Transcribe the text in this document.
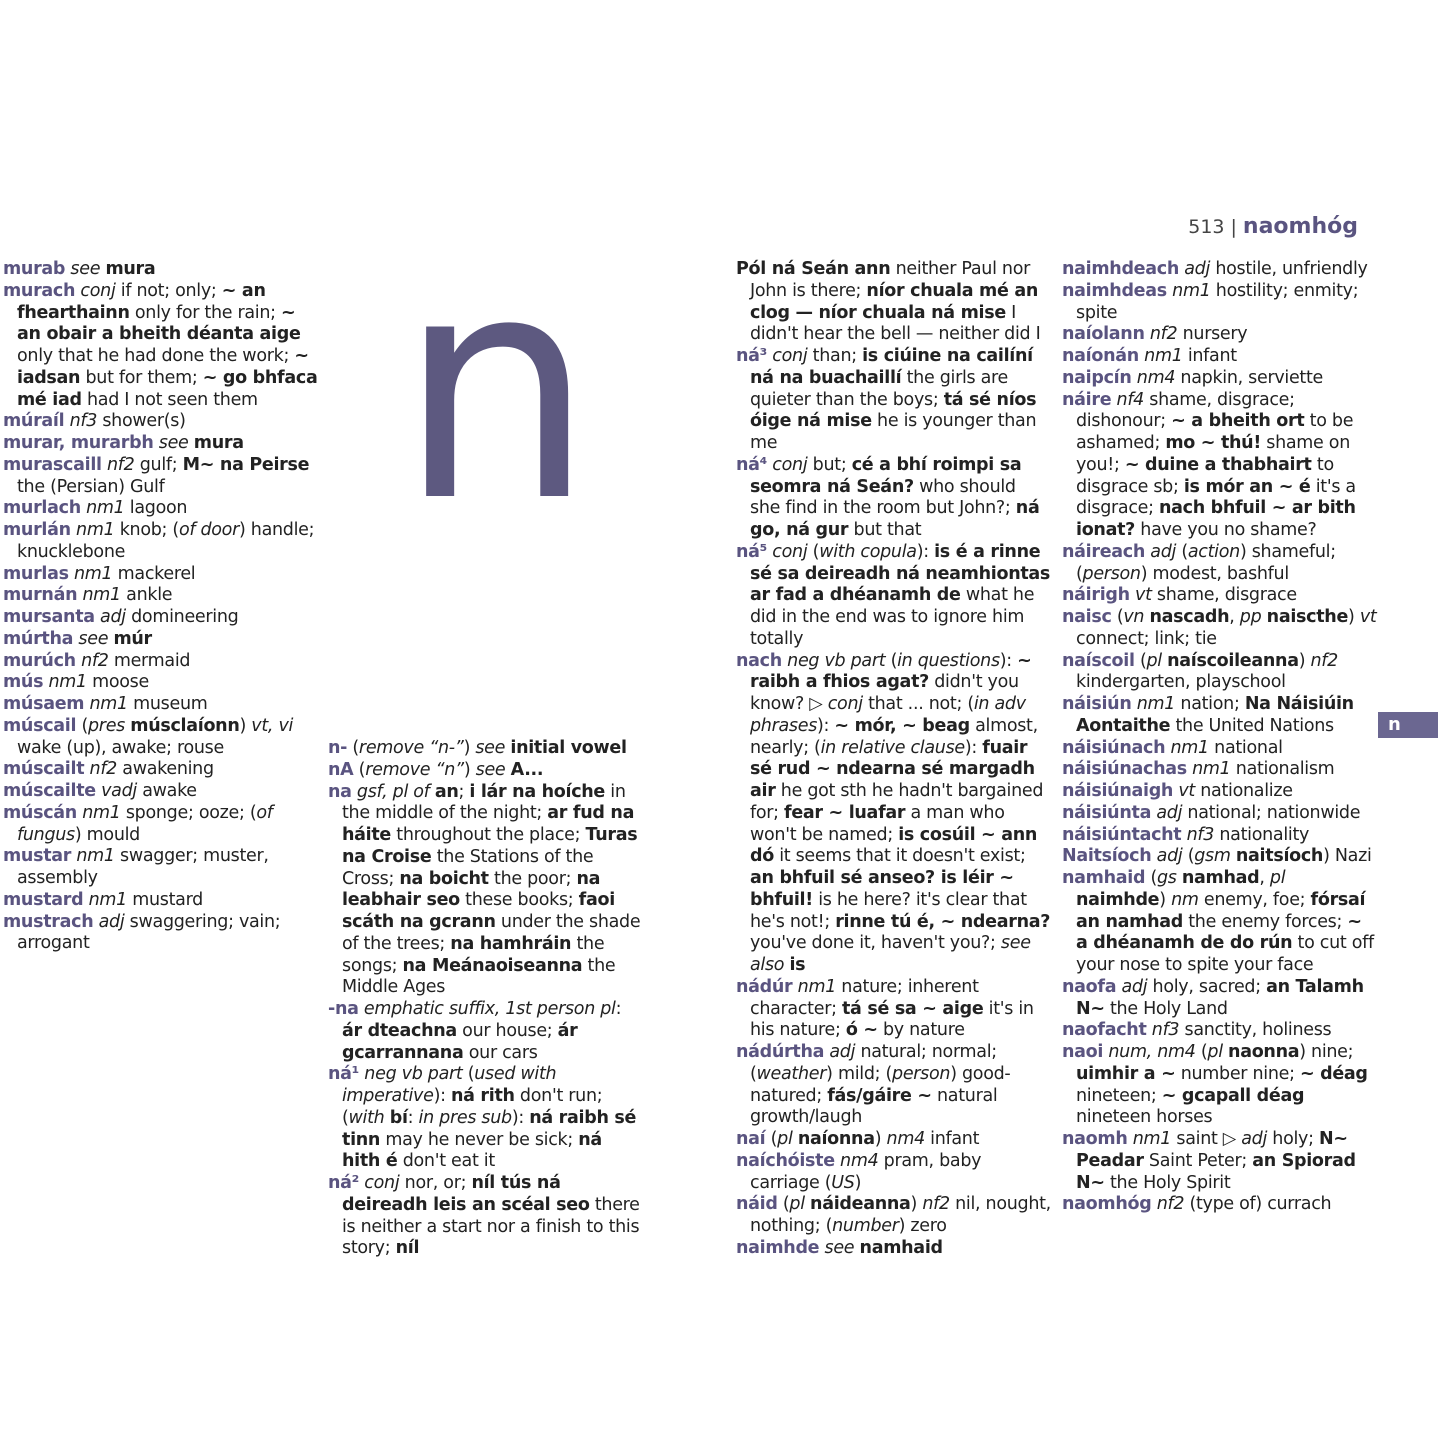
513 | naomhóg
n
n
murab see mura
murach conj if not; only; ~ an fhearthainn only for the rain; ~ an obair a bheith déanta aige only that he had done the work; ~ iadsan but for them; ~ go bhfaca mé iad had I not seen them
múraíl nf3 shower(s)
murar, murarbh see mura
murascaill nf2 gulf; M~ na Peirse the (Persian) Gulf
murlach nm1 lagoon
murlán nm1 knob; (of door) handle; knucklebone
murlas nm1 mackerel
murnán nm1 ankle
mursanta adj domineering
múrtha see múr
murúch nf2 mermaid
mús nm1 moose
músaem nm1 museum
múscail (pres músclaíonn) vt, vi wake (up), awake; rouse
múscailt nf2 awakening
múscailte vadj awake
múscán nm1 sponge; ooze; (of fungus) mould
mustar nm1 swagger; muster, assembly
mustard nm1 mustard
mustrach adj swaggering; vain; arrogant
n- (remove “n-”) see initial vowel
nA (remove “n”) see A...
na gsf, pl of an; i lár na hoíche in the middle of the night; ar fud na háite throughout the place; Turas na Croise the Stations of the Cross; na boicht the poor; na leabhair seo these books; faoi scáth na gcrann under the shade of the trees; na hamhráin the songs; na Meánaoiseanna the Middle Ages
-na emphatic suffix, 1st person pl: ár dteachna our house; ár gcarrannana our cars
ná¹ neg vb part (used with imperative): ná rith don't run; (with bí: in pres sub): ná raibh sé tinn may he never be sick; ná hith é don't eat it
ná² conj nor, or; níl tús ná deireadh leis an scéal seo there is neither a start nor a finish to this story; níl
Pól ná Seán ann neither Paul nor John is there; níor chuala mé an clog — níor chuala ná mise I didn't hear the bell — neither did I
ná³ conj than; is ciúine na cailíní ná na buachaillí the girls are quieter than the boys; tá sé níos óige ná mise he is younger than me
ná⁴ conj but; cé a bhí roimpi sa seomra ná Seán? who should she find in the room but John?; ná go, ná gur but that
ná⁵ conj (with copula): is é a rinne sé sa deireadh ná neamhiontas ar fad a dhéanamh de what he did in the end was to ignore him totally
nach neg vb part (in questions): ~ raibh a fhios agat? didn't you know? ▷ conj that ... not; (in adv phrases): ~ mór, ~ beag almost, nearly; (in relative clause): fuair sé rud ~ ndearna sé margadh air he got sth he hadn't bargained for; fear ~ luafar a man who won't be named; is cosúil ~ ann dó it seems that it doesn't exist; an bhfuil sé anseo? is léir ~ bhfuil! is he here? it's clear that he's not!; rinne tú é, ~ ndearna? you've done it, haven't you?; see also is
nádúr nm1 nature; inherent character; tá sé sa ~ aige it's in his nature; ó ~ by nature
nádúrtha adj natural; normal; (weather) mild; (person) good-natured; fás/gáire ~ natural growth/laugh
naí (pl naíonna) nm4 infant
naíchóiste nm4 pram, baby carriage (US)
náid (pl náideanna) nf2 nil, nought, nothing; (number) zero
naimhde see namhaid
naimhdeach adj hostile, unfriendly
naimhdeas nm1 hostility; enmity; spite
naíolann nf2 nursery
naíonán nm1 infant
naipcín nm4 napkin, serviette
náire nf4 shame, disgrace; dishonour; ~ a bheith ort to be ashamed; mo ~ thú! shame on you!; ~ duine a thabhairt to disgrace sb; is mór an ~ é it's a disgrace; nach bhfuil ~ ar bith ionat? have you no shame?
náireach adj (action) shameful; (person) modest, bashful
náirigh vt shame, disgrace
naisc (vn nascadh, pp naiscthe) vt connect; link; tie
naíscoil (pl naíscoileanna) nf2 kindergarten, playschool
náisiún nm1 nation; Na Náisiúin Aontaithe the United Nations
náisiúnach nm1 national
náisiúnachas nm1 nationalism
náisiúnaigh vt nationalize
náisiúnta adj national; nationwide
náisiúntacht nf3 nationality
Naitsíoch adj (gsm naitsíoch) Nazi
namhaid (gs namhad, pl naimhde) nm enemy, foe; fórsaí an namhad the enemy forces; ~ a dhéanamh de do rún to cut off your nose to spite your face
naofa adj holy, sacred; an Talamh N~ the Holy Land
naofacht nf3 sanctity, holiness
naoi num, nm4 (pl naonna) nine; uimhir a ~ number nine; ~ déag nineteen; ~ gcapall déag nineteen horses
naomh nm1 saint ▷ adj holy; N~ Peadar Saint Peter; an Spiorad N~ the Holy Spirit
naomhóg nf2 (type of) currach
